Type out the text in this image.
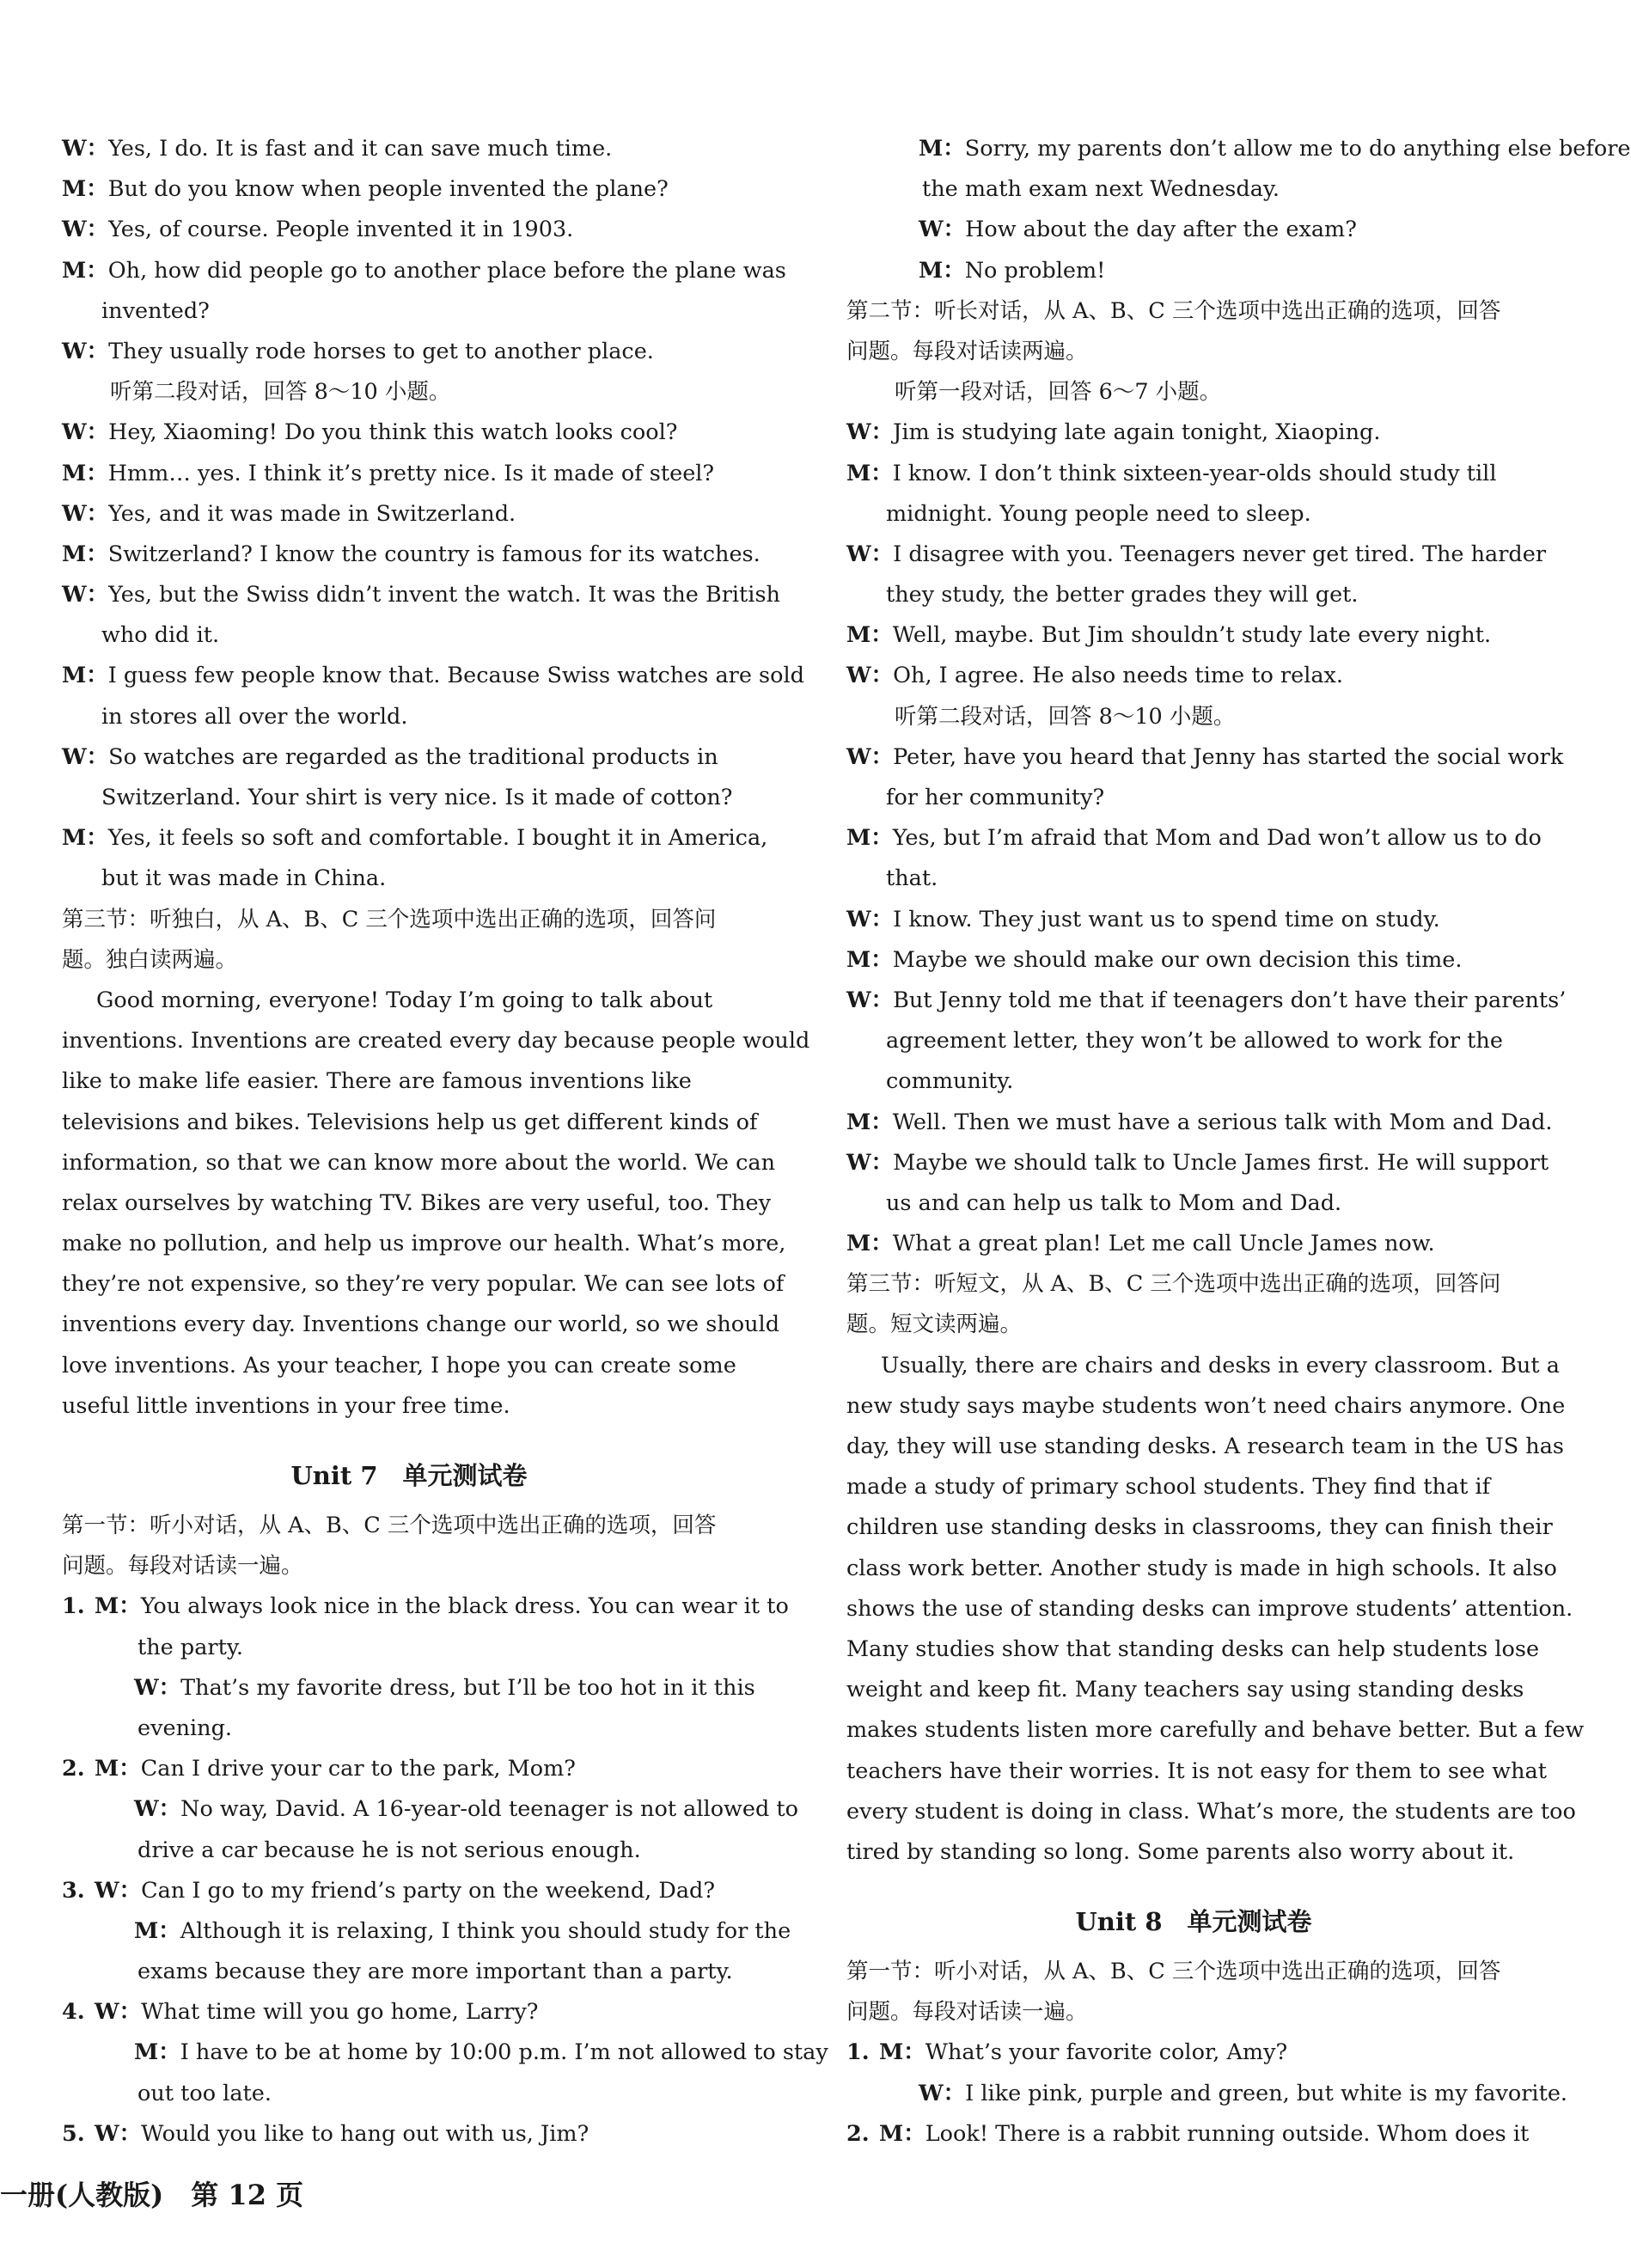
W：Yes, I do. It is fast and it can save much time.
M：But do you know when people invented the plane?
W：Yes, of course. People invented it in 1903.
M：Oh, how did people go to another place before the plane was
invented?
W：They usually rode horses to get to another place.
听第二段对话，回答 8～10 小题。
W：Hey, Xiaoming! Do you think this watch looks cool?
M：Hmm… yes. I think it’s pretty nice. Is it made of steel?
W：Yes, and it was made in Switzerland.
M：Switzerland? I know the country is famous for its watches.
W：Yes, but the Swiss didn’t invent the watch. It was the British
who did it.
M：I guess few people know that. Because Swiss watches are sold
in stores all over the world.
W：So watches are regarded as the traditional products in
Switzerland. Your shirt is very nice. Is it made of cotton?
M：Yes, it feels so soft and comfortable. I bought it in America,
but it was made in China.
第三节：听独白，从 A、B、C 三个选项中选出正确的选项，回答问
题。独白读两遍。
Good morning, everyone! Today I’m going to talk about
inventions. Inventions are created every day because people would
like to make life easier. There are famous inventions like
televisions and bikes. Televisions help us get different kinds of
information, so that we can know more about the world. We can
relax ourselves by watching TV. Bikes are very useful, too. They
make no pollution, and help us improve our health. What’s more,
they’re not expensive, so they’re very popular. We can see lots of
inventions every day. Inventions change our world, so we should
love inventions. As your teacher, I hope you can create some
useful little inventions in your free time.
Unit 7　单元测试卷
第一节：听小对话，从 A、B、C 三个选项中选出正确的选项，回答
问题。每段对话读一遍。
1. M：You always look nice in the black dress. You can wear it to
the party.
W：That’s my favorite dress, but I’ll be too hot in it this
evening.
2. M：Can I drive your car to the park, Mom?
W：No way, David. A 16-year-old teenager is not allowed to
drive a car because he is not serious enough.
3. W：Can I go to my friend’s party on the weekend, Dad?
M：Although it is relaxing, I think you should study for the
exams because they are more important than a party.
4. W：What time will you go home, Larry?
M：I have to be at home by 10:00 p.m. I’m not allowed to stay
out too late.
5. W：Would you like to hang out with us, Jim?
M：Sorry, my parents don’t allow me to do anything else before
the math exam next Wednesday.
W：How about the day after the exam?
M：No problem!
第二节：听长对话，从 A、B、C 三个选项中选出正确的选项，回答
问题。每段对话读两遍。
听第一段对话，回答 6～7 小题。
W：Jim is studying late again tonight, Xiaoping.
M：I know. I don’t think sixteen-year-olds should study till
midnight. Young people need to sleep.
W：I disagree with you. Teenagers never get tired. The harder
they study, the better grades they will get.
M：Well, maybe. But Jim shouldn’t study late every night.
W：Oh, I agree. He also needs time to relax.
听第二段对话，回答 8～10 小题。
W：Peter, have you heard that Jenny has started the social work
for her community?
M：Yes, but I’m afraid that Mom and Dad won’t allow us to do
that.
W：I know. They just want us to spend time on study.
M：Maybe we should make our own decision this time.
W：But Jenny told me that if teenagers don’t have their parents’
agreement letter, they won’t be allowed to work for the
community.
M：Well. Then we must have a serious talk with Mom and Dad.
W：Maybe we should talk to Uncle James first. He will support
us and can help us talk to Mom and Dad.
M：What a great plan! Let me call Uncle James now.
第三节：听短文，从 A、B、C 三个选项中选出正确的选项，回答问
题。短文读两遍。
Usually, there are chairs and desks in every classroom. But a
new study says maybe students won’t need chairs anymore. One
day, they will use standing desks. A research team in the US has
made a study of primary school students. They find that if
children use standing desks in classrooms, they can finish their
class work better. Another study is made in high schools. It also
shows the use of standing desks can improve students’ attention.
Many studies show that standing desks can help students lose
weight and keep fit. Many teachers say using standing desks
makes students listen more carefully and behave better. But a few
teachers have their worries. It is not easy for them to see what
every student is doing in class. What’s more, the students are too
tired by standing so long. Some parents also worry about it.
Unit 8　单元测试卷
第一节：听小对话，从 A、B、C 三个选项中选出正确的选项，回答
问题。每段对话读一遍。
1. M：What’s your favorite color, Amy?
W：I like pink, purple and green, but white is my favorite.
2. M：Look! There is a rabbit running outside. Whom does it
一册(人教版)　第 12 页
